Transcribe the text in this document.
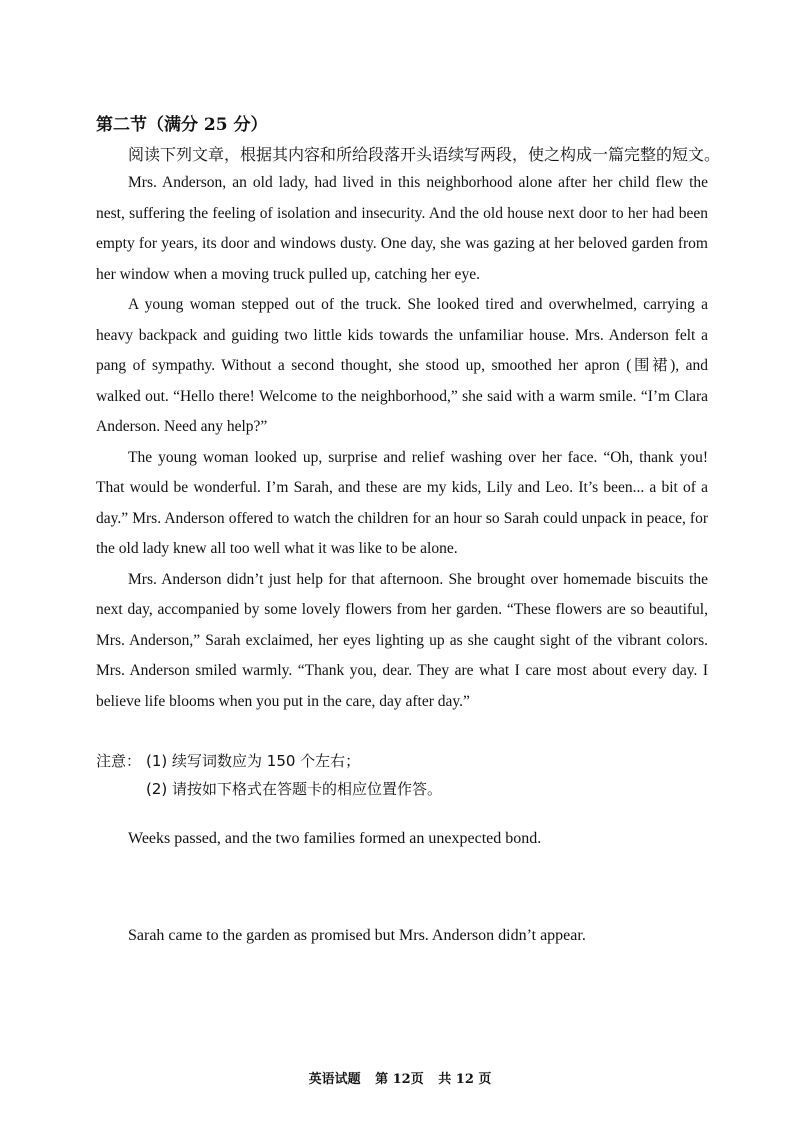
第二节（满分 25 分）
阅读下列文章，根据其内容和所给段落开头语续写两段，使之构成一篇完整的短文。

Mrs. Anderson, an old lady, had lived in this neighborhood alone after her child flew the nest, suffering the feeling of isolation and insecurity. And the old house next door to her had been empty for years, its door and windows dusty. One day, she was gazing at her beloved garden from her window when a moving truck pulled up, catching her eye.

A young woman stepped out of the truck. She looked tired and overwhelmed, carrying a heavy backpack and guiding two little kids towards the unfamiliar house. Mrs. Anderson felt a pang of sympathy. Without a second thought, she stood up, smoothed her apron (围裙), and walked out. “Hello there! Welcome to the neighborhood,” she said with a warm smile. “I’m Clara Anderson. Need any help?”

The young woman looked up, surprise and relief washing over her face. “Oh, thank you! That would be wonderful. I’m Sarah, and these are my kids, Lily and Leo. It’s been... a bit of a day.” Mrs. Anderson offered to watch the children for an hour so Sarah could unpack in peace, for the old lady knew all too well what it was like to be alone.

Mrs. Anderson didn’t just help for that afternoon. She brought over homemade biscuits the next day, accompanied by some lovely flowers from her garden. “These flowers are so beautiful, Mrs. Anderson,” Sarah exclaimed, her eyes lighting up as she caught sight of the vibrant colors. Mrs. Anderson smiled warmly. “Thank you, dear. They are what I care most about every day. I believe life blooms when you put in the care, day after day.”

注意： (1) 续写词数应为 150 个左右；
(2) 请按如下格式在答题卡的相应位置作答。
Weeks passed, and the two families formed an unexpected bond.
Sarah came to the garden as promised but Mrs. Anderson didn’t appear.
英语试题 第 12页 共 12 页
